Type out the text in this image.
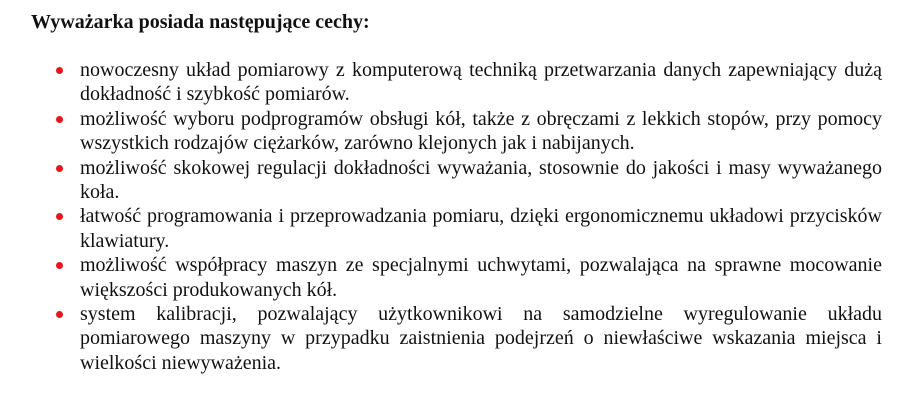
Wyważarka posiada następujące cechy:
nowoczesny układ pomiarowy z komputerową techniką przetwarzania danych zapewniający dużą dokładność i szybkość pomiarów.
możliwość wyboru podprogramów obsługi kół, także z obręczami z lekkich stopów, przy pomocy wszystkich rodzajów ciężarków, zarówno klejonych jak i nabijanych.
możliwość skokowej regulacji dokładności wyważania, stosownie do jakości i masy wyważanego koła.
łatwość programowania i przeprowadzania pomiaru, dzięki ergonomicznemu układowi przycisków klawiatury.
możliwość współpracy maszyn ze specjalnymi uchwytami, pozwalająca na sprawne mocowanie większości produkowanych kół.
system kalibracji, pozwalający użytkownikowi na samodzielne wyregulowanie układu pomiarowego maszyny w przypadku zaistnienia podejrzeń o niewłaściwe wskazania miejsca i wielkości niewyważenia.
